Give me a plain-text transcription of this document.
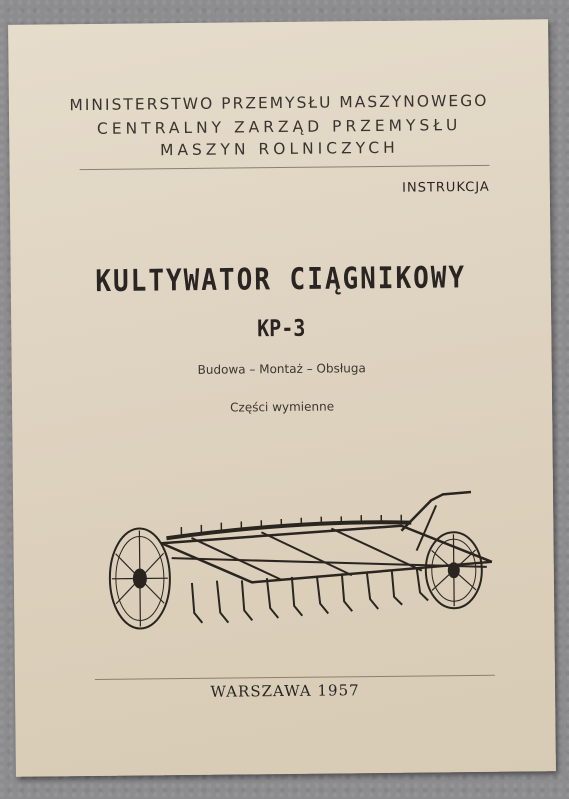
MINISTERSTWO PRZEMYSŁU MASZYNOWEGO
CENTRALNY ZARZĄD PRZEMYSŁU
MASZYN ROLNICZYCH
INSTRUKCJA
KULTYWATOR CIĄGNIKOWY
KP-3
Budowa – Montaż – Obsługa
Części wymienne
WARSZAWA 1957
